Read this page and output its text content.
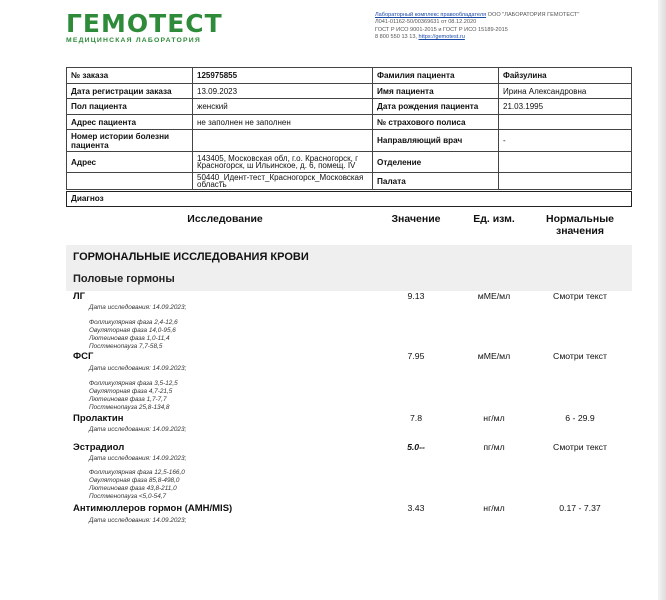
ГЕМОТЕСТ
МЕДИЦИНСКАЯ ЛАБОРАТОРИЯ
Лабораторный комплекс правообладателя ООО "ЛАБОРАТОРИЯ ГЕМОТЕСТ"
Л041-01162-50/00369631 от 08.12.2020
ГОСТ Р ИСО 9001-2015 и ГОСТ Р ИСО 15189-2015
8 800 550 13 13, https://gemotest.ru
№ заказа	125975855	Фамилия пациента	Файзулина
Дата регистрации заказа	13.09.2023	Имя пациента	Ирина Александровна
Пол пациента	женский	Дата рождения пациента	21.03.1995
Адрес пациента	не заполнен не заполнен	№ страхового полиса	
Номер истории болезни пациента		Направляющий врач	-
Адрес	143405, Московская обл, г.о. Красногорск, г Красногорск, ш Ильинское, д. 6, помещ. IV	Отделение	
	50440_Идент-тест_Красногорск_Московская область	Палата	
Диагноз
Исследование	Значение	Ед. изм.	Нормальные
значения
ГОРМОНАЛЬНЫЕ ИССЛЕДОВАНИЯ КРОВИ
Половые гормоны
ЛГ	9.13	мМЕ/мл	Смотри текст
Дата исследования: 14.09.2023;
Фолликулярная фаза 2,4-12,6
Овуляторная фаза 14,0-95,6
Лютеиновая фаза 1,0-11,4
Постменопауза 7,7-58,5
ФСГ	7.95	мМЕ/мл	Смотри текст
Дата исследования: 14.09.2023;
Фолликулярная фаза 3,5-12,5
Овуляторная фаза 4,7-21,5
Лютеиновая фаза 1,7-7,7
Постменопауза 25,8-134,8
Пролактин	7.8	нг/мл	6 - 29.9
Дата исследования: 14.09.2023;
Эстрадиол	5.0--	пг/мл	Смотри текст
Дата исследования: 14.09.2023;
Фолликулярная фаза 12,5-166,0
Овуляторная фаза 85,8-498,0
Лютеиновая фаза 43,8-211,0
Постменопауза <5,0-54,7
Антимюллеров гормон (AMH/MIS)	3.43	нг/мл	0.17 - 7.37
Дата исследования: 14.09.2023;
